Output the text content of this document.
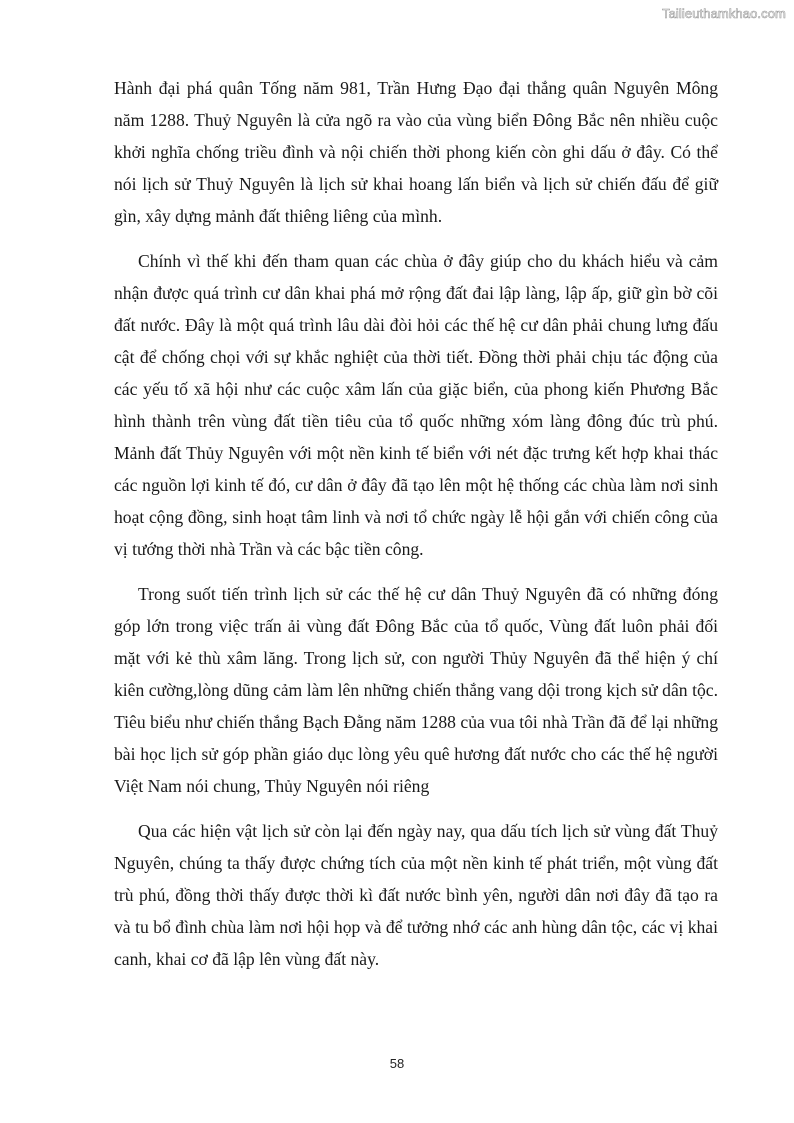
Tailieuthamkhao.com

Hành đại phá quân Tống năm 981, Trần Hưng Đạo đại thắng quân Nguyên Mông năm 1288. Thuỷ Nguyên là cửa ngõ ra vào của vùng biển Đông Bắc nên nhiều cuộc khởi nghĩa chống triều đình và nội chiến thời phong kiến còn ghi dấu ở đây. Có thể nói lịch sử Thuỷ Nguyên là lịch sử khai hoang lấn biển và lịch sử chiến đấu để giữ gìn, xây dựng mảnh đất thiêng liêng của mình.

Chính vì thế khi đến tham quan các chùa ở đây giúp cho du khách hiểu và cảm nhận được quá trình cư dân khai phá mở rộng đất đai lập làng, lập ấp, giữ gìn bờ cõi đất nước. Đây là một quá trình lâu dài đòi hỏi các thế hệ cư dân phải chung lưng đấu cật để chống chọi với sự khắc nghiệt của thời tiết. Đồng thời phải chịu tác động của các yếu tố xã hội như các cuộc xâm lấn của giặc biển, của phong kiến Phương Bắc hình thành trên vùng đất tiền tiêu của tổ quốc những xóm làng đông đúc trù phú. Mảnh đất Thủy Nguyên với một nền kinh tế biển với nét đặc trưng kết hợp khai thác các nguồn lợi kinh tế đó, cư dân ở đây đã tạo lên một hệ thống các chùa làm nơi sinh hoạt cộng đồng, sinh hoạt tâm linh và nơi tổ chức ngày lễ hội gắn với chiến công của vị tướng thời nhà Trần và các bậc tiền công.

Trong suốt tiến trình lịch sử các thế hệ cư dân Thuỷ Nguyên đã có những đóng góp lớn trong việc trấn ải vùng đất Đông Bắc của tổ quốc, Vùng đất luôn phải đối mặt với kẻ thù xâm lăng. Trong lịch sử, con người Thủy Nguyên đã thể hiện ý chí kiên cường,lòng dũng cảm làm lên những chiến thắng vang dội trong kịch sử dân tộc. Tiêu biểu như chiến thắng Bạch Đằng năm 1288 của vua tôi nhà Trần đã để lại những bài học lịch sử góp phần giáo dục lòng yêu quê hương đất nước cho các thế hệ người Việt Nam nói chung, Thủy Nguyên nói riêng

Qua các hiện vật lịch sử còn lại đến ngày nay, qua dấu tích lịch sử vùng đất Thuỷ Nguyên, chúng ta thấy được chứng tích của một nền kinh tế phát triển, một vùng đất trù phú, đồng thời thấy được thời kì đất nước bình yên, người dân nơi đây đã tạo ra và tu bổ đình chùa làm nơi hội họp và để tưởng nhớ các anh hùng dân tộc, các vị khai canh, khai cơ đã lập lên vùng đất này.

58
